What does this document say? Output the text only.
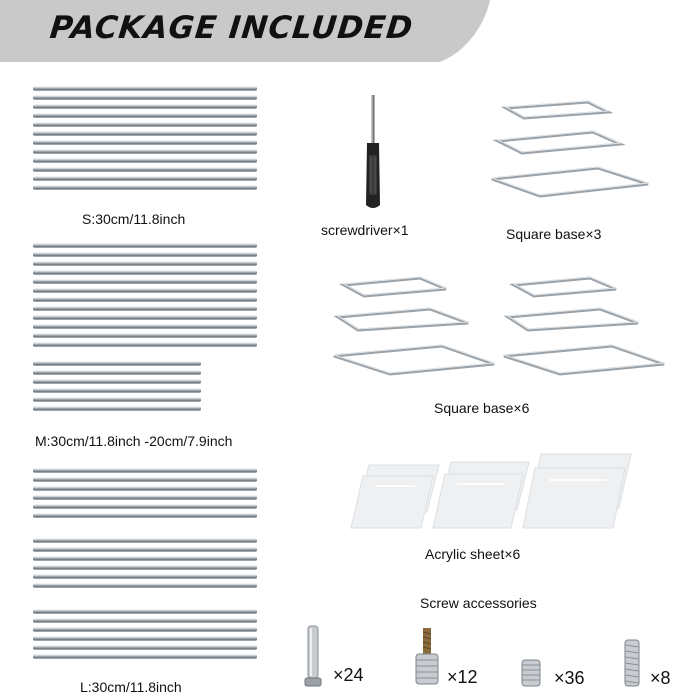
PACKAGE INCLUDED
S:30cm/11.8inch
M:30cm/11.8inch -20cm/7.9inch
L:30cm/11.8inch
screwdriver×1	Square base×3
Square base×6
Acrylic sheet×6
Screw accessories
×24	×12	×36	×8
